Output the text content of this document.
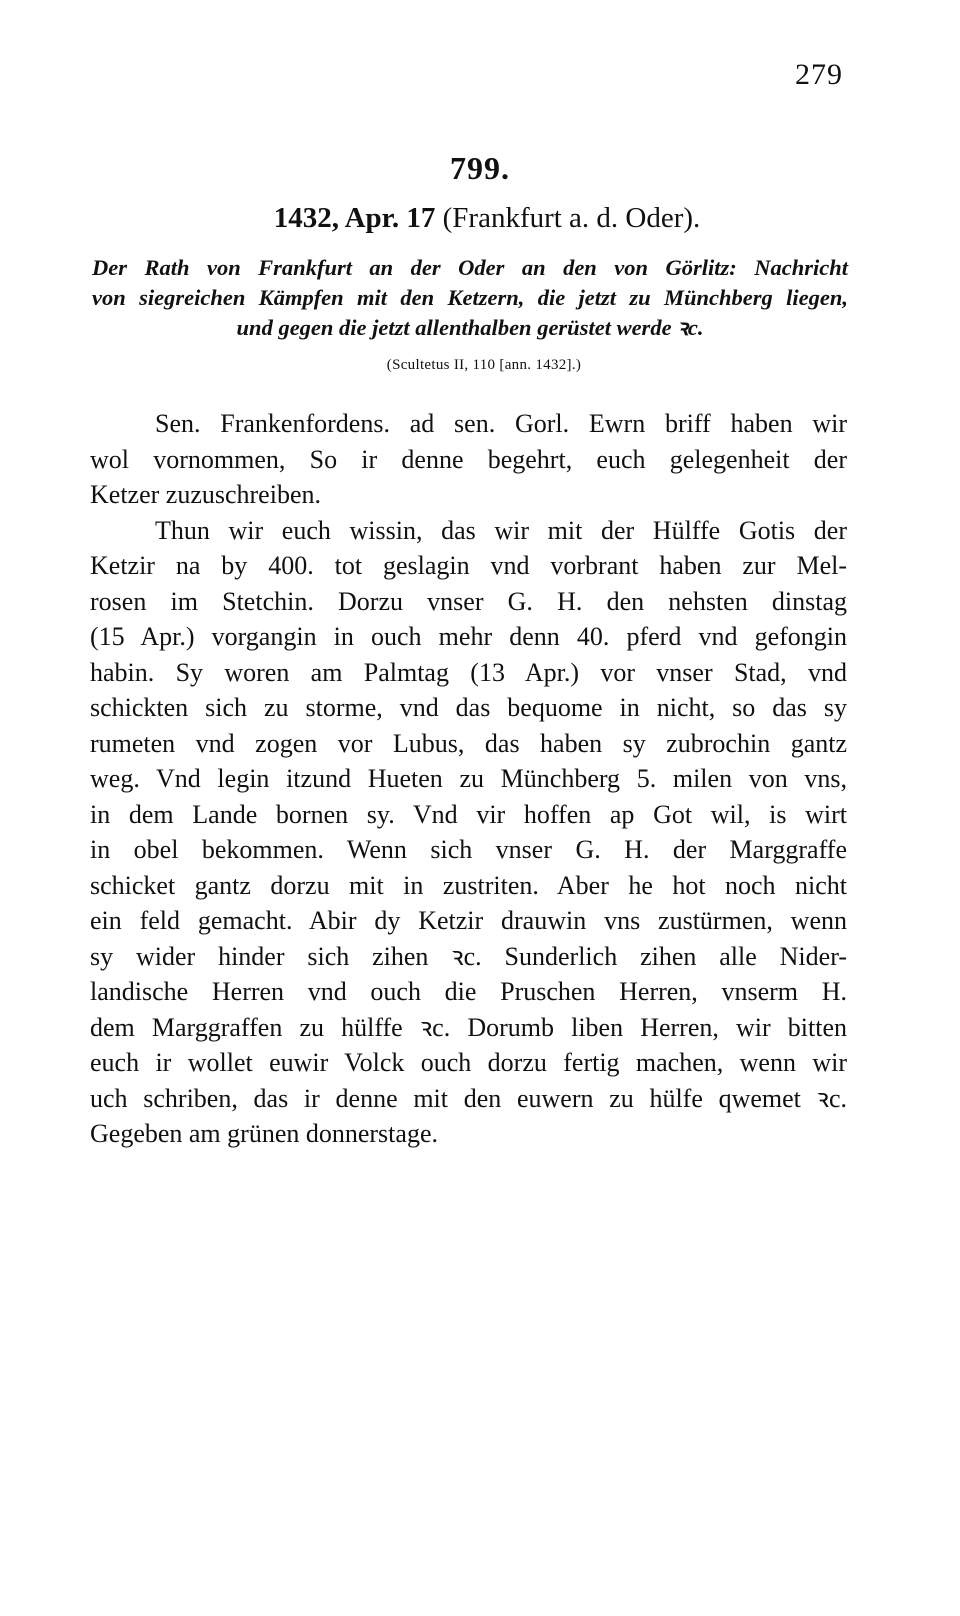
279
799.
1432, Apr. 17 (Frankfurt a. d. Oder).
Der Rath von Frankfurt an der Oder an den von Görlitz: Nachricht
von siegreichen Kämpfen mit den Ketzern, die jetzt zu Münchberg liegen,
und gegen die jetzt allenthalben gerüstet werde ꝛc.
(Scultetus II, 110 [ann. 1432].)
Sen. Frankenfordens. ad sen. Gorl. Ewrn briff haben wir
wol vornommen, So ir denne begehrt, euch gelegenheit der
Ketzer zuzuschreiben.
Thun wir euch wissin, das wir mit der Hülffe Gotis der
Ketzir na by 400. tot geslagin vnd vorbrant haben zur Mel-
rosen im Stetchin. Dorzu vnser G. H. den nehsten dinstag
(15 Apr.) vorgangin in ouch mehr denn 40. pferd vnd gefongin
habin. Sy woren am Palmtag (13 Apr.) vor vnser Stad, vnd
schickten sich zu storme, vnd das bequome in nicht, so das sy
rumeten vnd zogen vor Lubus, das haben sy zubrochin gantz
weg. Vnd legin itzund Hueten zu Münchberg 5. milen von vns,
in dem Lande bornen sy. Vnd vir hoffen ap Got wil, is wirt
in obel bekommen. Wenn sich vnser G. H. der Marggraffe
schicket gantz dorzu mit in zustriten. Aber he hot noch nicht
ein feld gemacht. Abir dy Ketzir drauwin vns zustürmen, wenn
sy wider hinder sich zihen ꝛc. Sunderlich zihen alle Nider-
landische Herren vnd ouch die Pruschen Herren, vnserm H.
dem Marggraffen zu hülffe ꝛc. Dorumb liben Herren, wir bitten
euch ir wollet euwir Volck ouch dorzu fertig machen, wenn wir
uch schriben, das ir denne mit den euwern zu hülfe qwemet ꝛc.
Gegeben am grünen donnerstage.
